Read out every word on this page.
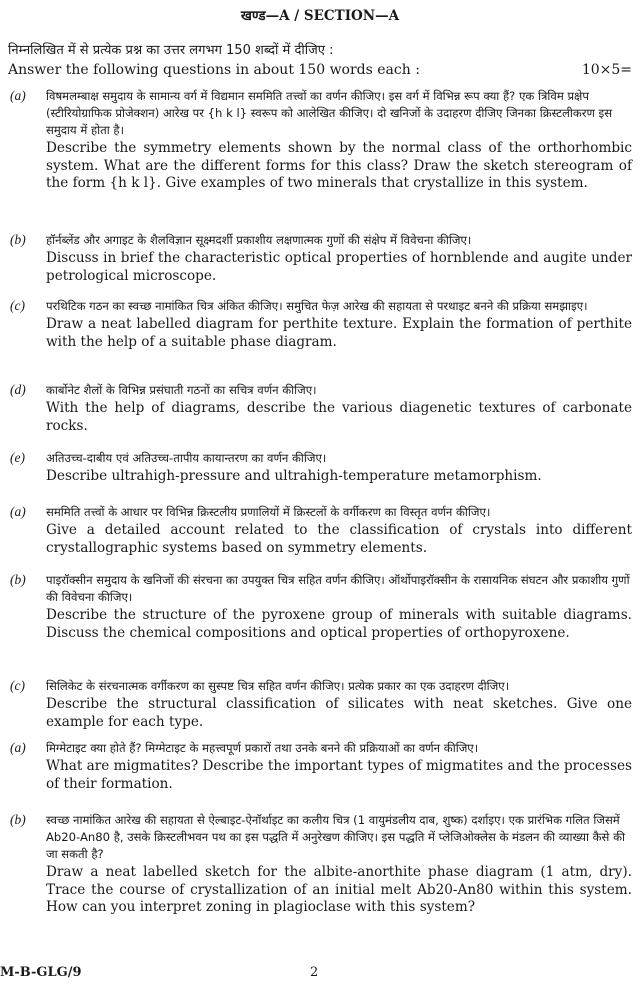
खण्ड—A / SECTION—A
निम्नलिखित में से प्रत्येक प्रश्न का उत्तर लगभग 150 शब्दों में दीजिए :
Answer the following questions in about 150 words each :	10×5=
(a) विषमलम्बाक्ष समुदाय के सामान्य वर्ग में विद्यमान सममिति तत्त्वों का वर्णन कीजिए। इस वर्ग में विभिन्न रूप क्या हैं? एक त्रिविम प्रक्षेप (स्टीरियोग्राफिक प्रोजेक्शन) आरेख पर {h k l} स्वरूप को आलेखित कीजिए। दो खनिजों के उदाहरण दीजिए जिनका क्रिस्टलीकरण इस समुदाय में होता है।
Describe the symmetry elements shown by the normal class of the orthorhombic system. What are the different forms for this class? Draw the sketch stereogram of the form {h k l}. Give examples of two minerals that crystallize in this system.
(b) हॉर्नब्लेंड और अगाइट के शैलविज्ञान सूक्ष्मदर्शी प्रकाशीय लक्षणात्मक गुणों की संक्षेप में विवेचना कीजिए।
Discuss in brief the characteristic optical properties of hornblende and augite under petrological microscope.
(c) परथिटिक गठन का स्वच्छ नामांकित चित्र अंकित कीजिए। समुचित फेज़ आरेख की सहायता से परथाइट बनने की प्रक्रिया समझाइए।
Draw a neat labelled diagram for perthite texture. Explain the formation of perthite with the help of a suitable phase diagram.
(d) कार्बोनेट शैलों के विभिन्न प्रसंघाती गठनों का सचित्र वर्णन कीजिए।
With the help of diagrams, describe the various diagenetic textures of carbonate rocks.
(e) अतिउच्च-दाबीय एवं अतिउच्च-तापीय कायान्तरण का वर्णन कीजिए।
Describe ultrahigh-pressure and ultrahigh-temperature metamorphism.
(a) सममिति तत्त्वों के आधार पर विभिन्न क्रिस्टलीय प्रणालियों में क्रिस्टलों के वर्गीकरण का विस्तृत वर्णन कीजिए।
Give a detailed account related to the classification of crystals into different crystallographic systems based on symmetry elements.
(b) पाइरॉक्सीन समुदाय के खनिजों की संरचना का उपयुक्त चित्र सहित वर्णन कीजिए। ऑर्थोपाइरॉक्सीन के रासायनिक संघटन और प्रकाशीय गुणों की विवेचना कीजिए।
Describe the structure of the pyroxene group of minerals with suitable diagrams. Discuss the chemical compositions and optical properties of orthopyroxene.
(c) सिलिकेट के संरचनात्मक वर्गीकरण का सुस्पष्ट चित्र सहित वर्णन कीजिए। प्रत्येक प्रकार का एक उदाहरण दीजिए।
Describe the structural classification of silicates with neat sketches. Give one example for each type.
(a) मिग्मेटाइट क्या होते हैं? मिग्मेटाइट के महत्त्वपूर्ण प्रकारों तथा उनके बनने की प्रक्रियाओं का वर्णन कीजिए।
What are migmatites? Describe the important types of migmatites and the processes of their formation.
(b) स्वच्छ नामांकित आरेख की सहायता से ऐल्बाइट-ऐनॉर्थाइट का कलीय चित्र (1 वायुमंडलीय दाब, शुष्क) दर्शाइए। एक प्रारंभिक गलित जिसमें Ab20-An80 है, उसके क्रिस्टलीभवन पथ का इस पद्धति में अनुरेखण कीजिए। इस पद्धति में प्लेजिओक्लेस के मंडलन की व्याख्या कैसे की जा सकती है?
Draw a neat labelled sketch for the albite-anorthite phase diagram (1 atm, dry). Trace the course of crystallization of an initial melt Ab20-An80 within this system. How can you interpret zoning in plagioclase with this system?
M-B-GLG/9	2
